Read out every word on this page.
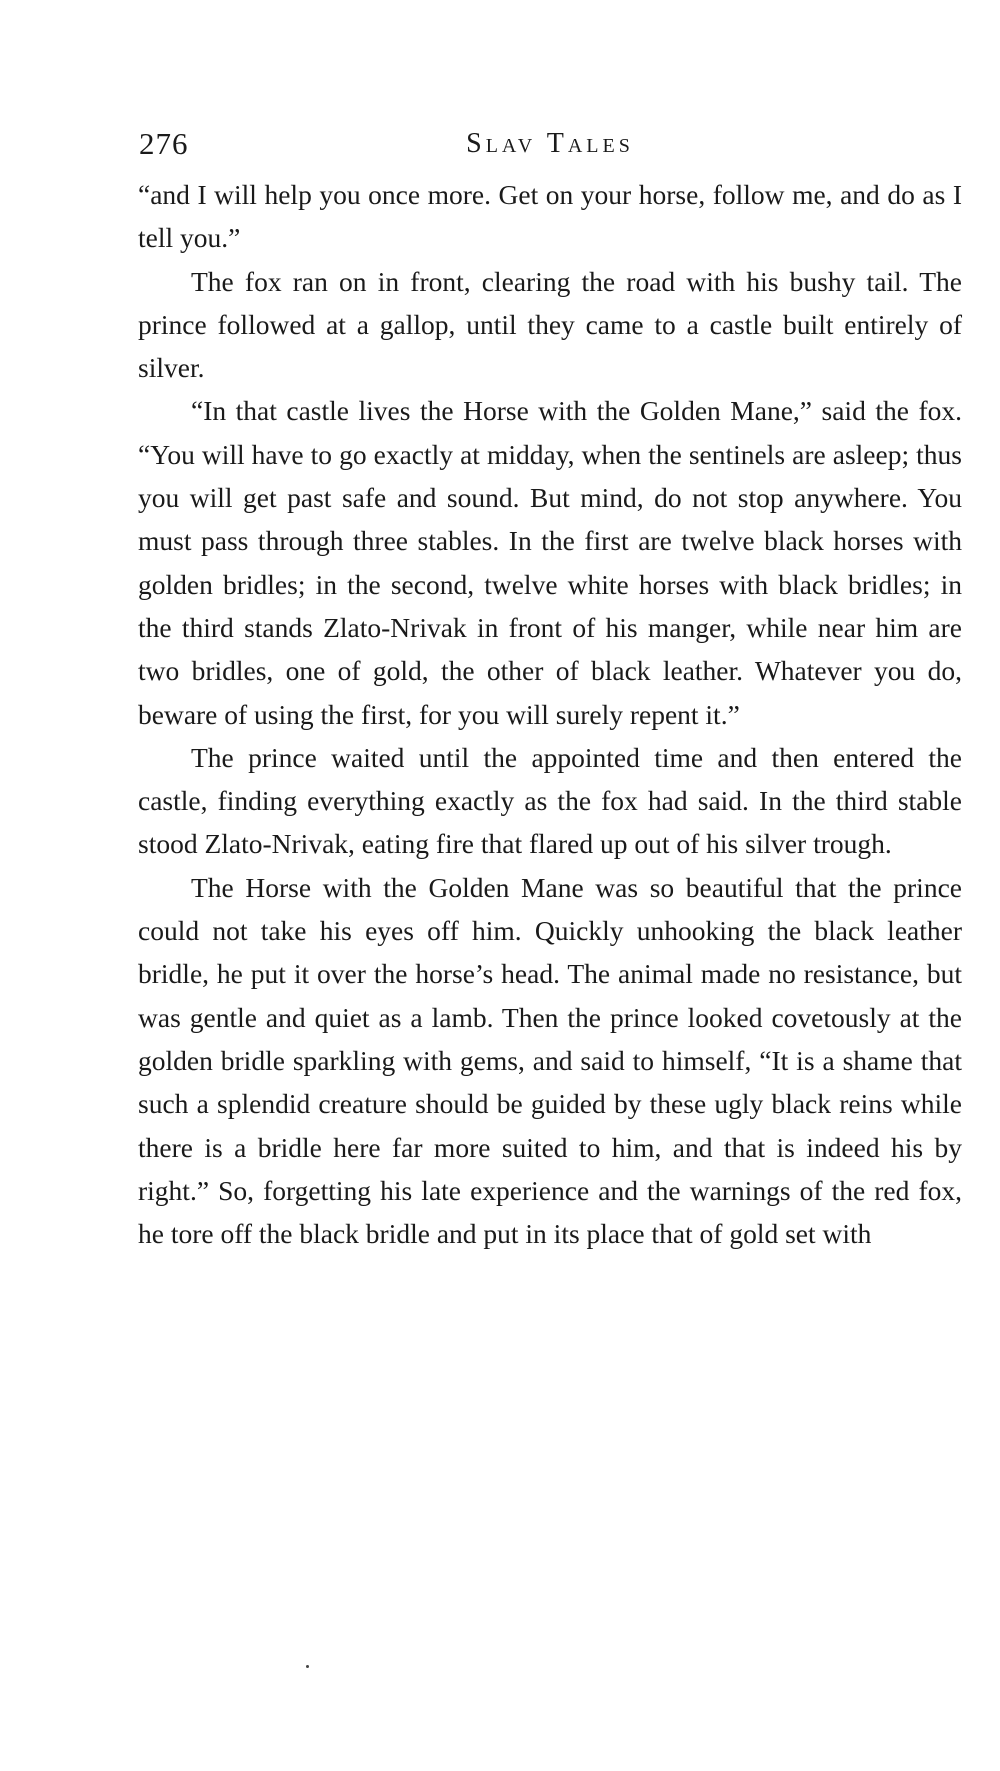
276	Slav Tales

“and I will help you once more. Get on your horse, follow me, and do as I tell you.”

The fox ran on in front, clearing the road with his bushy tail. The prince followed at a gallop, until they came to a castle built entirely of silver.

“In that castle lives the Horse with the Golden Mane,” said the fox. “You will have to go exactly at midday, when the sentinels are asleep; thus you will get past safe and sound. But mind, do not stop anywhere. You must pass through three stables. In the first are twelve black horses with golden bridles; in the second, twelve white horses with black bridles; in the third stands Zlato-Nrivak in front of his manger, while near him are two bridles, one of gold, the other of black leather. Whatever you do, beware of using the first, for you will surely repent it.”

The prince waited until the appointed time and then entered the castle, finding everything exactly as the fox had said. In the third stable stood Zlato-Nrivak, eating fire that flared up out of his silver trough.

The Horse with the Golden Mane was so beautiful that the prince could not take his eyes off him. Quickly unhooking the black leather bridle, he put it over the horse’s head. The animal made no resistance, but was gentle and quiet as a lamb. Then the prince looked covetously at the golden bridle sparkling with gems, and said to himself, “It is a shame that such a splendid creature should be guided by these ugly black reins while there is a bridle here far more suited to him, and that is indeed his by right.” So, forgetting his late experience and the warnings of the red fox, he tore off the black bridle and put in its place that of gold set with
